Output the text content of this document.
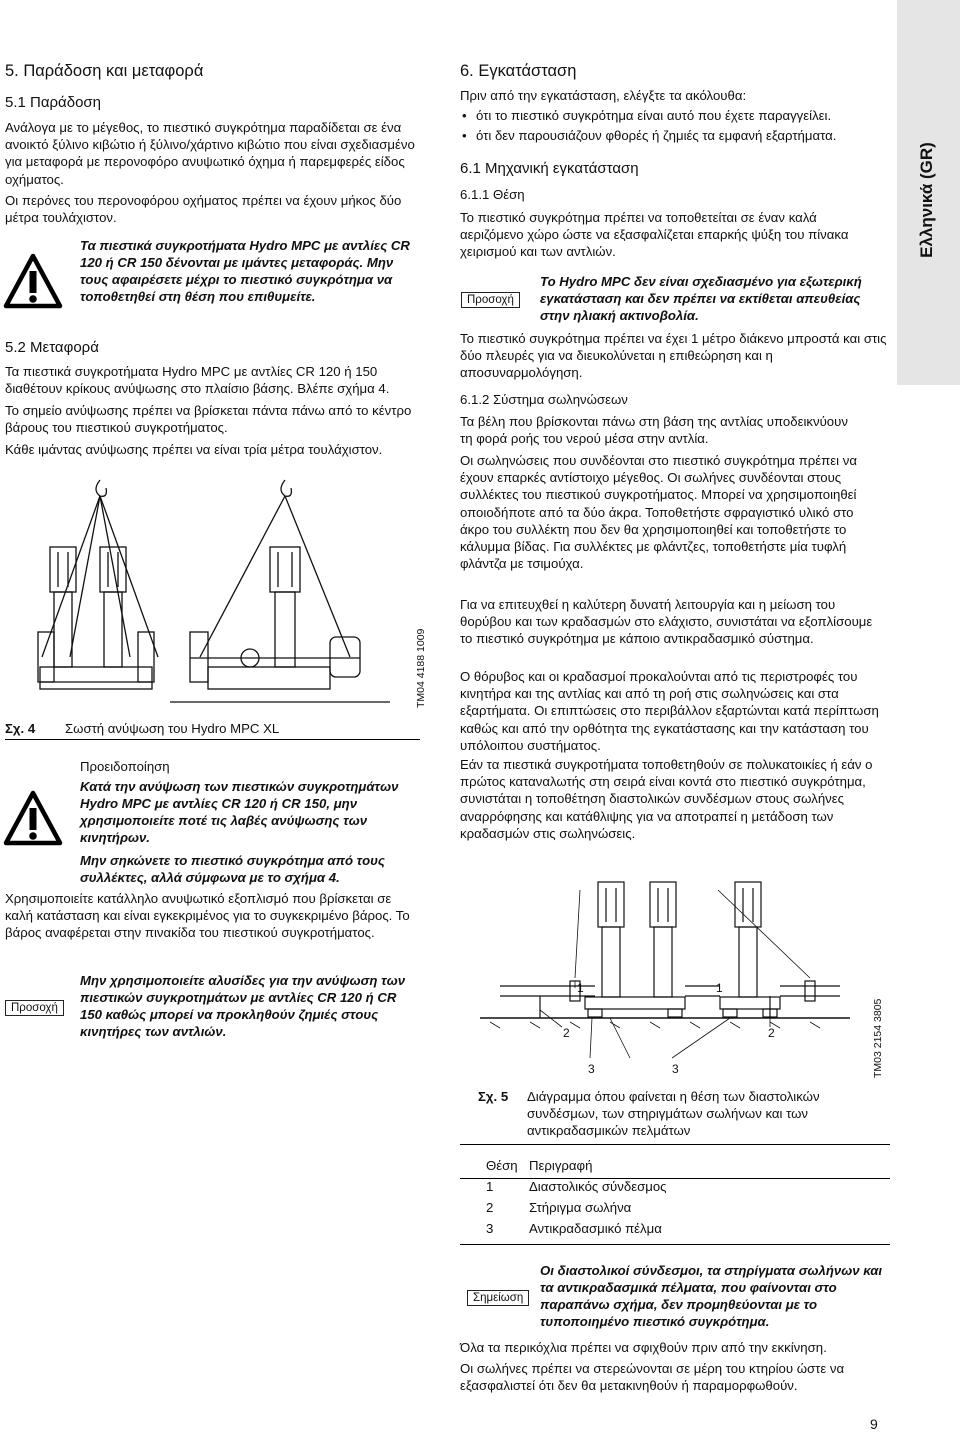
Ελληνικά (GR)
5. Παράδοση και μεταφορά
5.1 Παράδοση

Ανάλογα με το μέγεθος, το πιεστικό συγκρότημα παραδίδεται σε ένα ανοικτό ξύλινο κιβώτιο ή ξύλινο/χάρτινο κιβώτιο που είναι σχεδιασμένο για μεταφορά με περονοφόρο ανυψωτικό όχημα ή παρεμφερές είδος οχήματος.

Οι περόνες του περονοφόρου οχήματος πρέπει να έχουν μήκος δύο μέτρα τουλάχιστον.

Τα πιεστικά συγκροτήματα Hydro MPC με αντλίες CR 120 ή CR 150 δένονται με ιμάντες μεταφοράς. Μην τους αφαιρέσετε μέχρι το πιεστικό συγκρότημα να τοποθετηθεί στη θέση που επιθυμείτε.

5.2 Μεταφορά

Τα πιεστικά συγκροτήματα Hydro MPC με αντλίες CR 120 ή 150 διαθέτουν κρίκους ανύψωσης στο πλαίσιο βάσης. Βλέπε σχήμα 4.

Το σημείο ανύψωσης πρέπει να βρίσκεται πάντα πάνω από το κέντρο βάρους του πιεστικού συγκροτήματος.

Κάθε ιμάντας ανύψωσης πρέπει να είναι τρία μέτρα τουλάχιστον.

TM04 4188 1009
Σχ. 4 Σωστή ανύψωση του Hydro MPC XL
Προειδοποίηση

Κατά την ανύψωση των πιεστικών συγκροτημάτων Hydro MPC με αντλίες CR 120 ή CR 150, μην χρησιμοποιείτε ποτέ τις λαβές ανύψωσης των κινητήρων.

Μην σηκώνετε το πιεστικό συγκρότημα από τους συλλέκτες, αλλά σύμφωνα με το σχήμα 4.

Χρησιμοποιείτε κατάλληλο ανυψωτικό εξοπλισμό που βρίσκεται σε καλή κατάσταση και είναι εγκεκριμένος για το συγκεκριμένο βάρος. Το βάρος αναφέρεται στην πινακίδα του πιεστικού συγκροτήματος.

Προσοχή

Μην χρησιμοποιείτε αλυσίδες για την ανύψωση των πιεστικών συγκροτημάτων με αντλίες CR 120 ή CR 150 καθώς μπορεί να προκληθούν ζημιές στους κινητήρες των αντλιών.

6. Εγκατάσταση

Πριν από την εγκατάσταση, ελέγξτε τα ακόλουθα:

• ότι το πιεστικό συγκρότημα είναι αυτό που έχετε παραγγείλει.
• ότι δεν παρουσιάζουν φθορές ή ζημιές τα εμφανή εξαρτήματα.
6.1 Μηχανική εγκατάσταση
6.1.1 Θέση

Το πιεστικό συγκρότημα πρέπει να τοποθετείται σε έναν καλά αεριζόμενο χώρο ώστε να εξασφαλίζεται επαρκής ψύξη του πίνακα χειρισμού και των αντλιών.

Προσοχή

Το Hydro MPC δεν είναι σχεδιασμένο για εξωτερική εγκατάσταση και δεν πρέπει να εκτίθεται απευθείας στην ηλιακή ακτινοβολία.

Το πιεστικό συγκρότημα πρέπει να έχει 1 μέτρο διάκενο μπροστά και στις δύο πλευρές για να διευκολύνεται η επιθεώρηση και η αποσυναρμολόγηση.

6.1.2 Σύστημα σωληνώσεων

Τα βέλη που βρίσκονται πάνω στη βάση της αντλίας υποδεικνύουν τη φορά ροής του νερού μέσα στην αντλία.

Οι σωληνώσεις που συνδέονται στο πιεστικό συγκρότημα πρέπει να έχουν επαρκές αντίστοιχο μέγεθος. Οι σωλήνες συνδέονται στους συλλέκτες του πιεστικού συγκροτήματος. Μπορεί να χρησιμοποιηθεί οποιοδήποτε από τα δύο άκρα. Τοποθετήστε σφραγιστικό υλικό στο άκρο του συλλέκτη που δεν θα χρησιμοποιηθεί και τοποθετήστε το κάλυμμα βίδας. Για συλλέκτες με φλάντζες, τοποθετήστε μία τυφλή φλάντζα με τσιμούχα.

Για να επιτευχθεί η καλύτερη δυνατή λειτουργία και η μείωση του θορύβου και των κραδασμών στο ελάχιστο, συνιστάται να εξοπλίσουμε το πιεστικό συγκρότημα με κάποιο αντικραδασμικό σύστημα.

Ο θόρυβος και οι κραδασμοί προκαλούνται από τις περιστροφές του κινητήρα και της αντλίας και από τη ροή στις σωληνώσεις και στα εξαρτήματα. Οι επιπτώσεις στο περιβάλλον εξαρτώνται κατά περίπτωση καθώς και από την ορθότητα της εγκατάστασης και την κατάσταση του υπόλοιπου συστήματος.

Εάν τα πιεστικά συγκροτήματα τοποθετηθούν σε πολυκατοικίες ή εάν ο πρώτος καταναλωτής στη σειρά είναι κοντά στο πιεστικό συγκρότημα, συνιστάται η τοποθέτηση διαστολικών συνδέσμων στους σωλήνες αναρρόφησης και κατάθλιψης για να αποτραπεί η μετάδοση των κραδασμών στις σωληνώσεις.

1
2
3
1
2
3	TM03 2154 3805
Σχ. 5 Διάγραμμα όπου φαίνεται η θέση των διαστολικών συνδέσμων, των στηριγμάτων σωλήνων και των αντικραδασμικών πελμάτων

Θέση	Περιγραφή
1	Διαστολικός σύνδεσμος
2	Στήριγμα σωλήνα
3	Αντικραδασμικό πέλμα
Σημείωση

Οι διαστολικοί σύνδεσμοι, τα στηρίγματα σωλήνων και τα αντικραδασμικά πέλματα, που φαίνονται στο παραπάνω σχήμα, δεν προμηθεύονται με το τυποποιημένο πιεστικό συγκρότημα.

Όλα τα περικόχλια πρέπει να σφιχθούν πριν από την εκκίνηση.

Οι σωλήνες πρέπει να στερεώνονται σε μέρη του κτηρίου ώστε να εξασφαλιστεί ότι δεν θα μετακινηθούν ή παραμορφωθούν.

9
